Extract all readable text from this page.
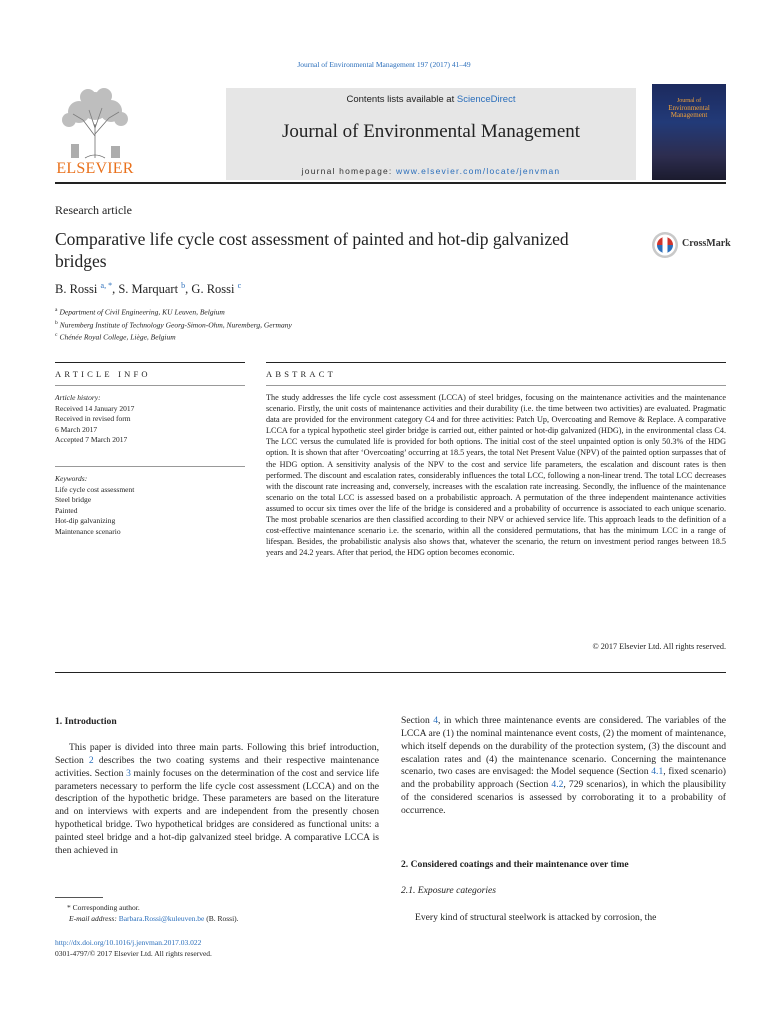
Journal of Environmental Management 197 (2017) 41–49
ELSEVIER
Contents lists available at ScienceDirect
Journal of Environmental Management
journal homepage: www.elsevier.com/locate/jenvman
Journal of
Environmental
Management
Research article
Comparative life cycle cost assessment of painted and hot-dip galvanized bridges
CrossMark
B. Rossi $^{a, *}$, S. Marquart $^b$, G. Rossi $^c$
$^a$ Department of Civil Engineering, KU Leuven, Belgium
$^b$ Nuremberg Institute of Technology Georg-Simon-Ohm, Nuremberg, Germany
$^c$ Chénée Royal College, Liège, Belgium
ARTICLE INFO	ABSTRACT
Article history:
Received 14 January 2017
Received in revised form
6 March 2017
Accepted 7 March 2017
Keywords:
Life cycle cost assessment
Steel bridge
Painted
Hot-dip galvanizing
Maintenance scenario
The study addresses the life cycle cost assessment (LCCA) of steel bridges, focusing on the maintenance activities and the maintenance scenario. Firstly, the unit costs of maintenance activities and their durability (i.e. the time between two activities) are evaluated. Pragmatic data are provided for the environment category C4 and for three activities: Patch Up, Overcoating and Remove & Replace. A comparative LCCA for a typical hypothetic steel girder bridge is carried out, either painted or hot-dip galvanized (HDG), in the environmental class C4. The LCC versus the cumulated life is provided for both options. The initial cost of the steel unpainted option is only 50.3% of the HDG option. It is shown that after ‘Overcoating’ occurring at 18.5 years, the total Net Present Value (NPV) of the painted option surpasses that of the HDG option. A sensitivity analysis of the NPV to the cost and service life parameters, the escalation and discount rates is then performed. The discount and escalation rates, considerably influences the total LCC, following a non-linear trend. The total LCC decreases with the discount rate increasing and, conversely, increases with the escalation rate increasing. Secondly, the influence of the maintenance scenario on the total LCC is assessed based on a probabilistic approach. A permutation of the three independent maintenance activities assumed to occur six times over the life of the bridge is considered and a probability of occurrence is associated to each unique scenario. The most probable scenarios are then classified according to their NPV or achieved service life. This approach leads to the definition of a cost-effective maintenance scenario i.e. the scenario, within all the considered permutations, that has the minimum LCC in a range of lifespan. Besides, the probabilistic analysis also shows that, whatever the scenario, the return on investment period ranges between 18.5 years and 24.2 years. After that period, the HDG option becomes economic.
© 2017 Elsevier Ltd. All rights reserved.
1. Introduction
This paper is divided into three main parts. Following this brief introduction, Section 2 describes the two coating systems and their respective maintenance activities. Section 3 mainly focuses on the determination of the cost and service life parameters necessary to perform the life cycle cost assessment (LCCA) and on the description of the hypothetic bridge. These parameters are based on the literature and on interviews with experts and are independent from the presently chosen hypothetical bridge. Two hypothetical bridges are considered as functional units: a painted steel bridge and a hot-dip galvanized steel bridge. A comparative LCCA is then achieved in
Section 4, in which three maintenance events are considered. The variables of the LCCA are (1) the nominal maintenance event costs, (2) the moment of maintenance, which itself depends on the durability of the protection system, (3) the discount and escalation rates and (4) the maintenance scenario. Concerning the maintenance scenario, two cases are envisaged: the Model sequence (Section 4.1, fixed scenario) and the probability approach (Section 4.2, 729 scenarios), in which the plausibility of the considered scenarios is assessed by corroborating it to a probability of occurrence.
2. Considered coatings and their maintenance over time
2.1. Exposure categories
Every kind of structural steelwork is attacked by corrosion, the
* Corresponding author.
E-mail address: Barbara.Rossi@kuleuven.be (B. Rossi).
http://dx.doi.org/10.1016/j.jenvman.2017.03.022
0301-4797/© 2017 Elsevier Ltd. All rights reserved.
